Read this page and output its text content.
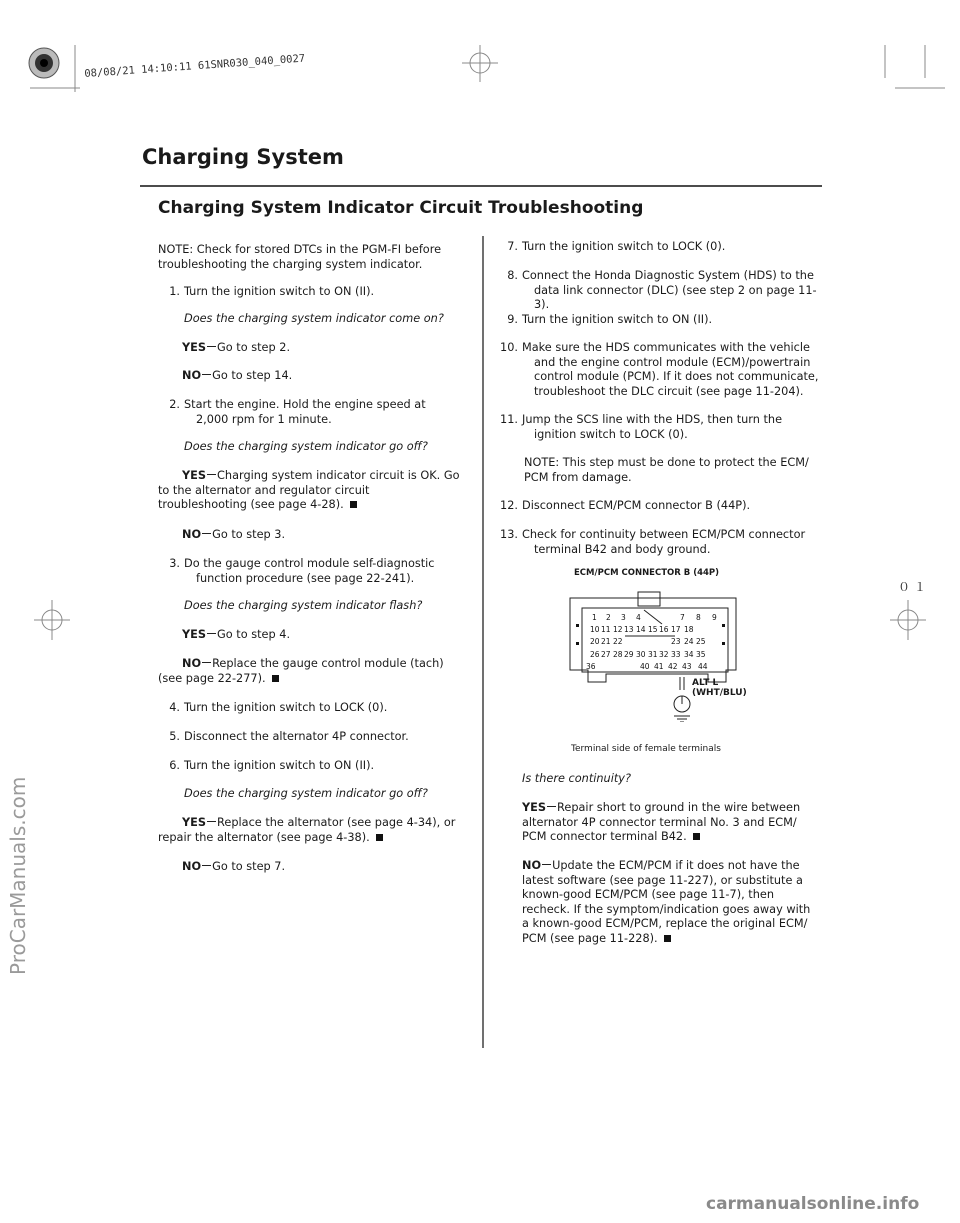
08/08/21 14:10:11 61SNR030_040_0027
ProCarManuals.com
０１
Charging System
Charging System Indicator Circuit Troubleshooting
NOTE: Check for stored DTCs in the PGM-FI before troubleshooting the charging system indicator.
1. Turn the ignition switch to ON (II).
Does the charging system indicator come on?
YES Go to step 2.
NO Go to step 14.
2. Start the engine. Hold the engine speed at
2,000 rpm for 1 minute.
Does the charging system indicator go off?
YES Charging system indicator circuit is OK. Go
to the alternator and regulator circuit
troubleshooting (see page 4-28).
NO Go to step 3.
3. Do the gauge control module self-diagnostic
function procedure (see page 22-241).
Does the charging system indicator flash?
YES Go to step 4.
NO Replace the gauge control module (tach)
(see page 22-277).
4. Turn the ignition switch to LOCK (0).
5. Disconnect the alternator 4P connector.
6. Turn the ignition switch to ON (II).
Does the charging system indicator go off?
YES Replace the alternator (see page 4-34), or
repair the alternator (see page 4-38).
NO Go to step 7.
7. Turn the ignition switch to LOCK (0).
8. Connect the Honda Diagnostic System (HDS) to the
data link connector (DLC) (see step 2 on page 11-3).
9. Turn the ignition switch to ON (II).
10. Make sure the HDS communicates with the vehicle
and the engine control module (ECM)/powertrain
control module (PCM). If it does not communicate,
troubleshoot the DLC circuit (see page 11-204).
11. Jump the SCS line with the HDS, then turn the
ignition switch to LOCK (0).
NOTE: This step must be done to protect the ECM/
PCM from damage.
12. Disconnect ECM/PCM connector B (44P).
13. Check for continuity between ECM/PCM connector
terminal B42 and body ground.
ECM/PCM CONNECTOR B (44P)
1 2 3 4	7 8 9
10 11 12 13 14 15 16 17 18
20 21 22	23 24 25
26 27 28 29 30 31 32 33 34 35
36	40 41 42 43 44
ALT L
(WHT/BLU)
Terminal side of female terminals
Is there continuity?
YES Repair short to ground in the wire between
alternator 4P connector terminal No. 3 and ECM/
PCM connector terminal B42.
NO Update the ECM/PCM if it does not have the
latest software (see page 11-227), or substitute a
known-good ECM/PCM (see page 11-7), then
recheck. If the symptom/indication goes away with
a known-good ECM/PCM, replace the original ECM/
PCM (see page 11-228).
carmanualsonline.info
